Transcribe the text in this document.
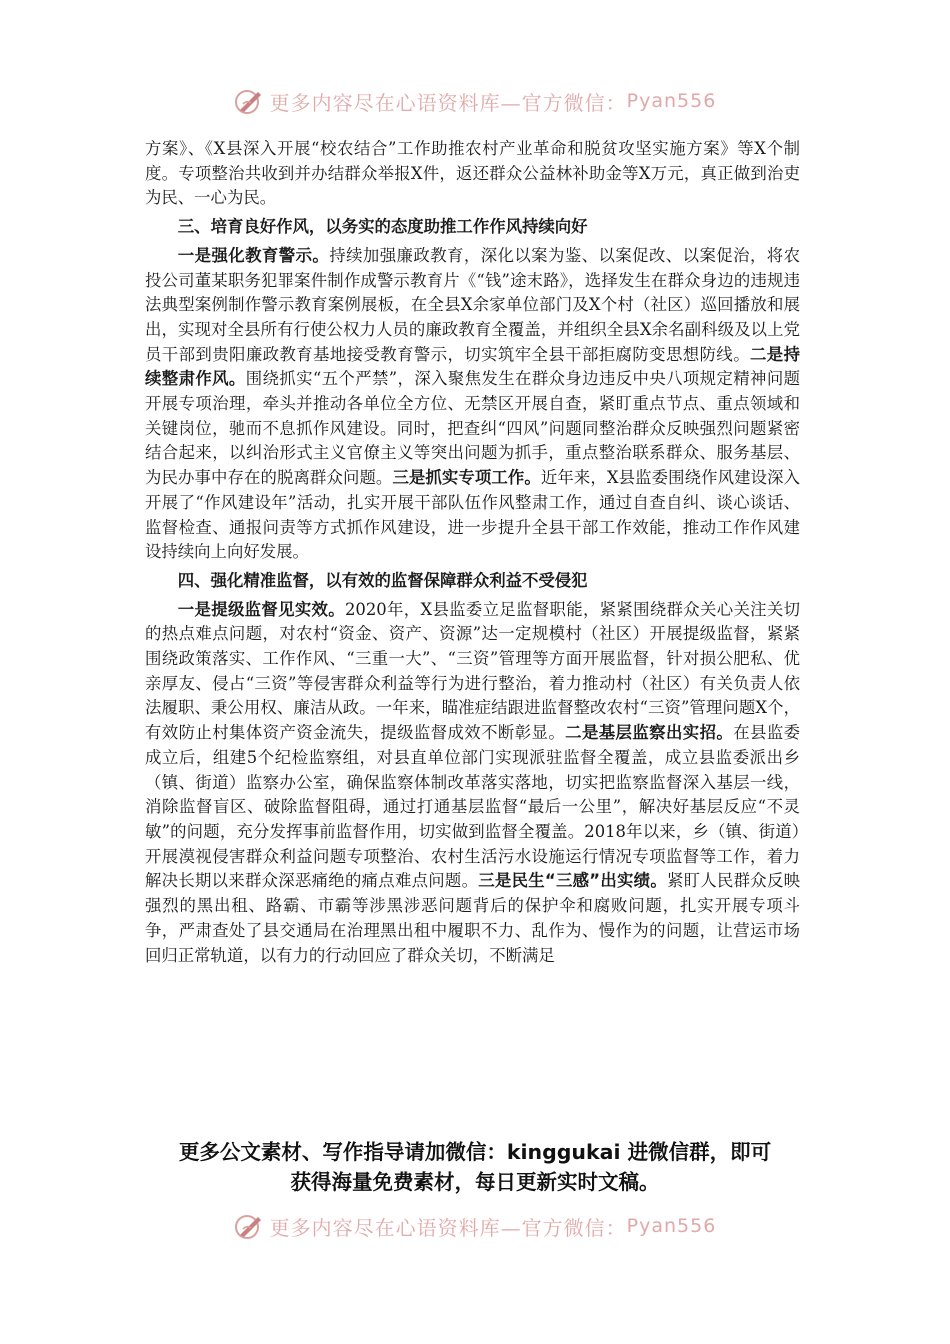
更多内容尽在心语资料库—官方微信： Pyan556

方案》、《X县深入开展“校农结合”工作助推农村产业革命和脱贫攻坚实施方案》等X个制度。专项整治共收到并办结群众举报X件，返还群众公益林补助金等X万元，真正做到治吏为民、一心为民。

三、培育良好作风，以务实的态度助推工作作风持续向好

一是强化教育警示。持续加强廉政教育，深化以案为鉴、以案促改、以案促治，将农投公司董某职务犯罪案件制作成警示教育片《“钱”途末路》，选择发生在群众身边的违规违法典型案例制作警示教育案例展板，在全县X余家单位部门及X个村（社区）巡回播放和展出，实现对全县所有行使公权力人员的廉政教育全覆盖，并组织全县X余名副科级及以上党员干部到贵阳廉政教育基地接受教育警示，切实筑牢全县干部拒腐防变思想防线。二是持续整肃作风。围绕抓实“五个严禁”，深入聚焦发生在群众身边违反中央八项规定精神问题开展专项治理，牵头并推动各单位全方位、无禁区开展自查，紧盯重点节点、重点领域和关键岗位，驰而不息抓作风建设。同时，把查纠“四风”问题同整治群众反映强烈问题紧密结合起来，以纠治形式主义官僚主义等突出问题为抓手，重点整治联系群众、服务基层、为民办事中存在的脱离群众问题。三是抓实专项工作。近年来，X县监委围绕作风建设深入开展了“作风建设年”活动，扎实开展干部队伍作风整肃工作，通过自查自纠、谈心谈话、监督检查、通报问责等方式抓作风建设，进一步提升全县干部工作效能，推动工作作风建设持续向上向好发展。

四、强化精准监督，以有效的监督保障群众利益不受侵犯

一是提级监督见实效。2020年，X县监委立足监督职能，紧紧围绕群众关心关注关切的热点难点问题，对农村“资金、资产、资源”达一定规模村（社区）开展提级监督，紧紧围绕政策落实、工作作风、“三重一大”、“三资”管理等方面开展监督，针对损公肥私、优亲厚友、侵占“三资”等侵害群众利益等行为进行整治，着力推动村（社区）有关负责人依法履职、秉公用权、廉洁从政。一年来，瞄准症结跟进监督整改农村“三资”管理问题X个，有效防止村集体资产资金流失，提级监督成效不断彰显。二是基层监察出实招。在县监委成立后，组建5个纪检监察组，对县直单位部门实现派驻监督全覆盖，成立县监委派出乡（镇、街道）监察办公室，确保监察体制改革落实落地，切实把监察监督深入基层一线，消除监督盲区、破除监督阻碍，通过打通基层监督“最后一公里”，解决好基层反应“不灵敏”的问题，充分发挥事前监督作用，切实做到监督全覆盖。2018年以来，乡（镇、街道）开展漠视侵害群众利益问题专项整治、农村生活污水设施运行情况专项监督等工作，着力解决长期以来群众深恶痛绝的痛点难点问题。三是民生“三感”出实绩。紧盯人民群众反映强烈的黑出租、路霸、市霸等涉黑涉恶问题背后的保护伞和腐败问题，扎实开展专项斗争，严肃查处了县交通局在治理黑出租中履职不力、乱作为、慢作为的问题，让营运市场回归正常轨道，以有力的行动回应了群众关切，不断满足

更多公文素材、写作指导请加微信：kinggukai 进微信群，即可
获得海量免费素材，每日更新实时文稿。
更多内容尽在心语资料库—官方微信： Pyan556
